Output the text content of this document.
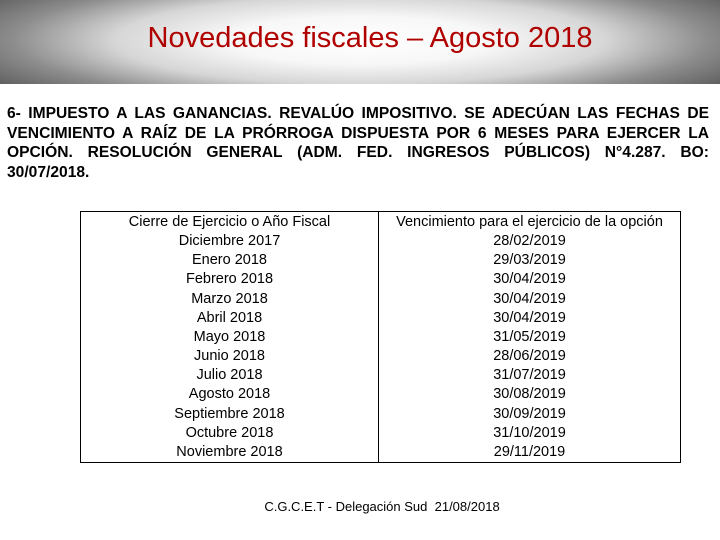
Novedades fiscales – Agosto 2018

6- IMPUESTO A LAS GANANCIAS. REVALÚO IMPOSITIVO. SE ADECÚAN LAS FECHAS DE VENCIMIENTO A RAÍZ DE LA PRÓRROGA DISPUESTA POR 6 MESES PARA EJERCER LA OPCIÓN. RESOLUCIÓN GENERAL (ADM. FED. INGRESOS PÚBLICOS) N°4.287. BO: 30/07/2018.

Cierre de Ejercicio o Año Fiscal	Vencimiento para el ejercicio de la opción
Diciembre 2017	28/02/2019
Enero 2018	29/03/2019
Febrero 2018	30/04/2019
Marzo 2018	30/04/2019
Abril 2018	30/04/2019
Mayo 2018	31/05/2019
Junio 2018	28/06/2019
Julio 2018	31/07/2019
Agosto 2018	30/08/2019
Septiembre 2018	30/09/2019
Octubre 2018	31/10/2019
Noviembre 2018	29/11/2019

C.G.C.E.T - Delegación Sud  21/08/2018
